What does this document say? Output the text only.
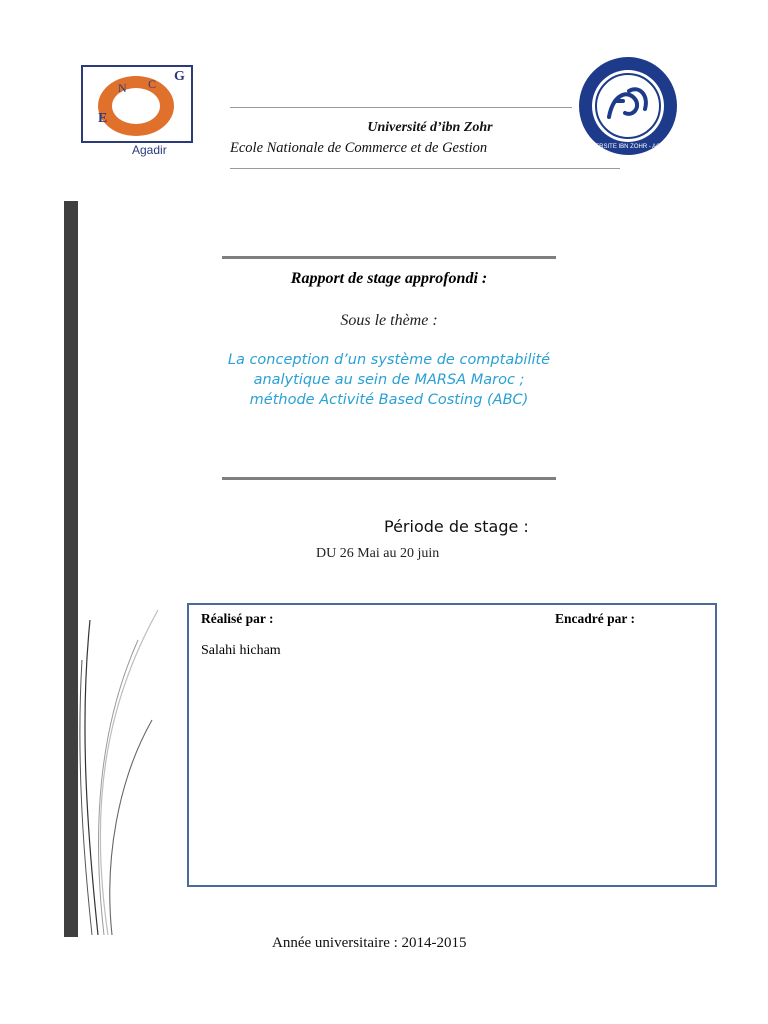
E
N C G
Agadir	UNIVERSITE IBN ZOHR - AGADIR
Université d’ibn Zohr
Ecole Nationale de Commerce et de Gestion
Rapport de stage approfondi :
Sous le thème :
La conception d’un système de comptabilité analytique au sein de MARSA Maroc ; méthode Activité Based Costing (ABC)
Période de stage :
DU 26 Mai au 20 juin
Réalisé par :	Encadré par :
Salahi hicham
Année universitaire : 2014-2015
